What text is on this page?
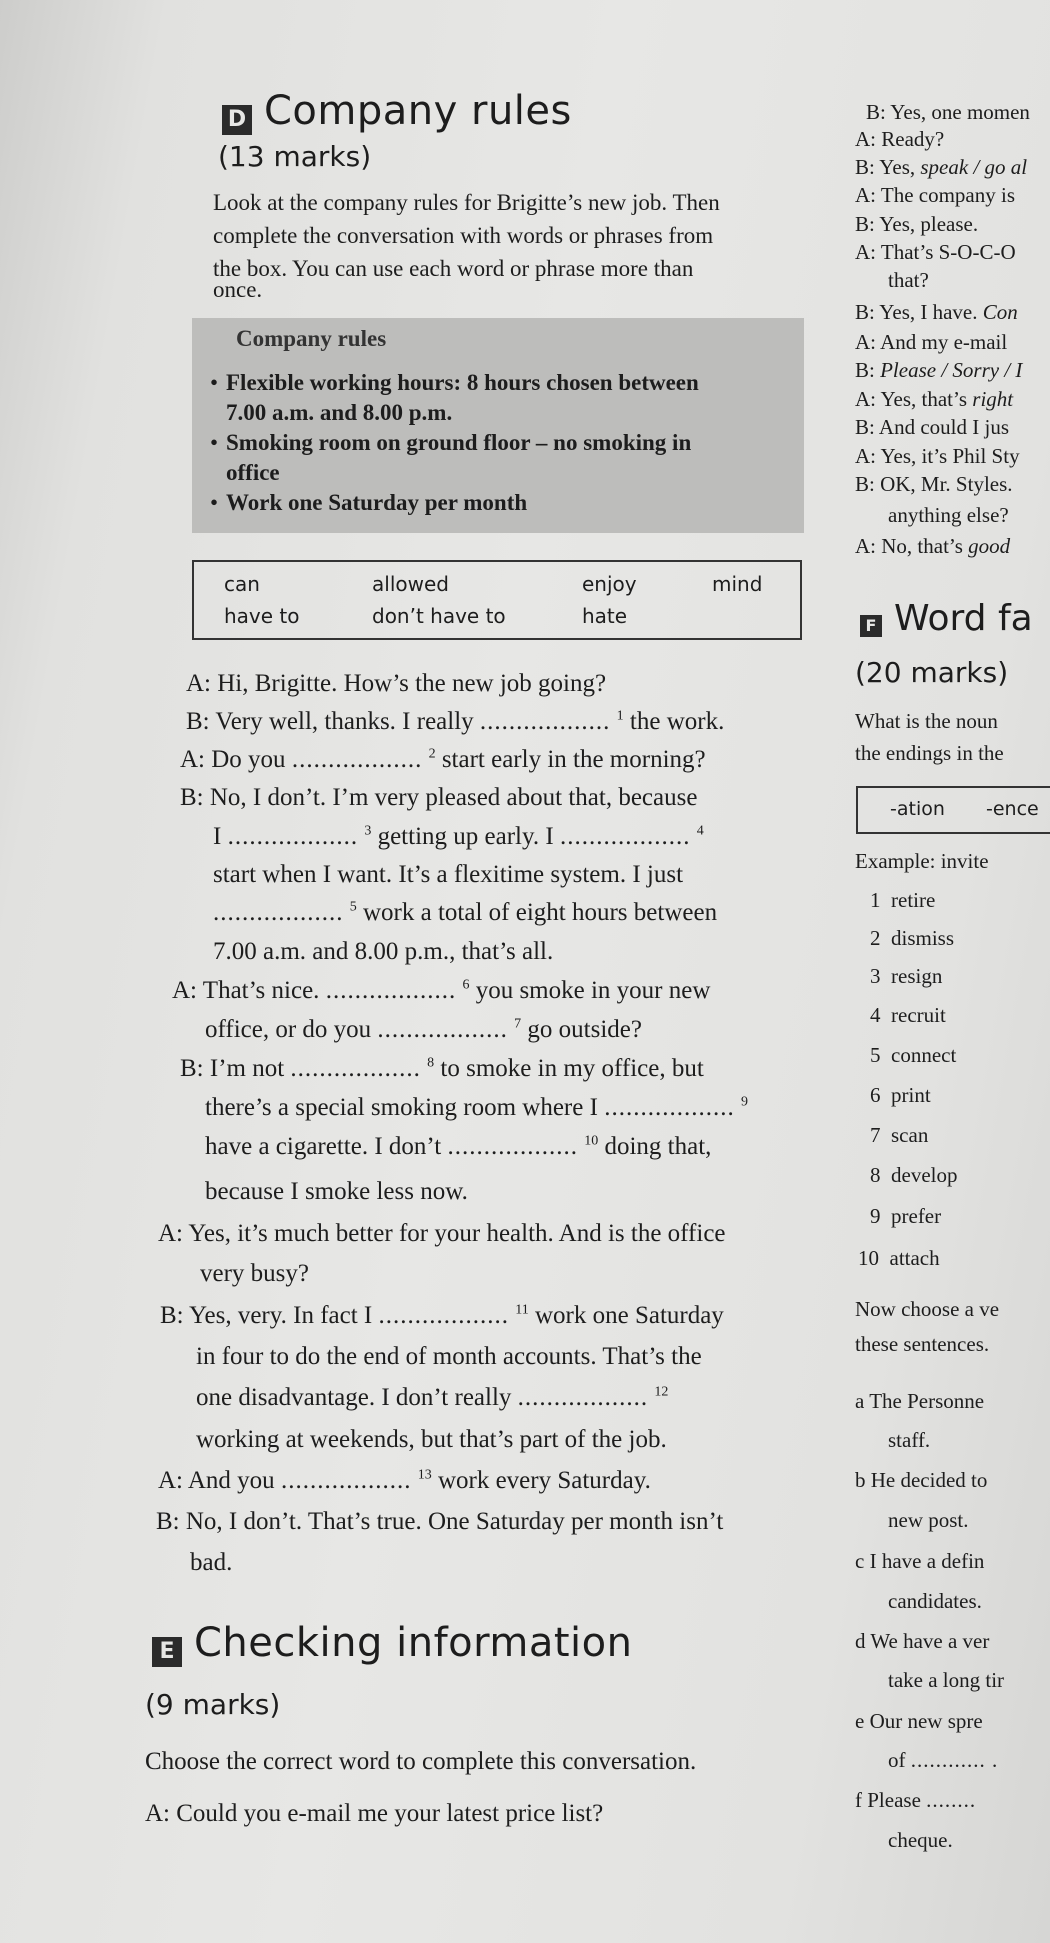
D Company rules
(13 marks)
Look at the company rules for Brigitte’s new job. Then
complete the conversation with words or phrases from
the box. You can use each word or phrase more than
once.
Company rules
• Flexible working hours: 8 hours chosen between
7.00 a.m. and 8.00 p.m.
• Smoking room on ground floor – no smoking in
office
• Work one Saturday per month
can	allowed	enjoy	mind
have to	don’t have to	hate
A: Hi, Brigitte. How’s the new job going?
B: Very well, thanks. I really .................. $^1$ the work.
A: Do you .................. $^2$ start early in the morning?
B: No, I don’t. I’m very pleased about that, because
I .................. $^3$ getting up early. I .................. $^4$
start when I want. It’s a flexitime system. I just
.................. $^5$ work a total of eight hours between
7.00 a.m. and 8.00 p.m., that’s all.
A: That’s nice. .................. $^6$ you smoke in your new
office, or do you .................. $^7$ go outside?
B: I’m not .................. $^8$ to smoke in my office, but
there’s a special smoking room where I .................. $^9$
have a cigarette. I don’t .................. $^{10}$ doing that,
because I smoke less now.
A: Yes, it’s much better for your health. And is the office
very busy?
B: Yes, very. In fact I .................. $^{11}$ work one Saturday
in four to do the end of month accounts. That’s the
one disadvantage. I don’t really .................. $^{12}$
working at weekends, but that’s part of the job.
A: And you .................. $^{13}$ work every Saturday.
B: No, I don’t. That’s true. One Saturday per month isn’t
bad.
E Checking information
(9 marks)
Choose the correct word to complete this conversation.
A: Could you e-mail me your latest price list?
B: Yes, one momen
A: Ready?
B: Yes, speak / go al
A: The company is
B: Yes, please.
A: That’s S-O-C-O
that?
B: Yes, I have. Con
A: And my e-mail
B: Please / Sorry / I
A: Yes, that’s right
B: And could I jus
A: Yes, it’s Phil Sty
B: OK, Mr. Styles.
anything else?
A: No, that’s good
F Word fa
(20 marks)
What is the noun
the endings in the
-ation -ence
Example: invite
1 retire
2 dismiss
3 resign
4 recruit
5 connect
6 print
7 scan
8 develop
9 prefer
10 attach
Now choose a ve
these sentences.
a The Personne
staff.
b He decided to
new post.
c I have a defin
candidates.
d We have a ver
take a long tir
e Our new spre
of ............ .
f Please ........
cheque.
